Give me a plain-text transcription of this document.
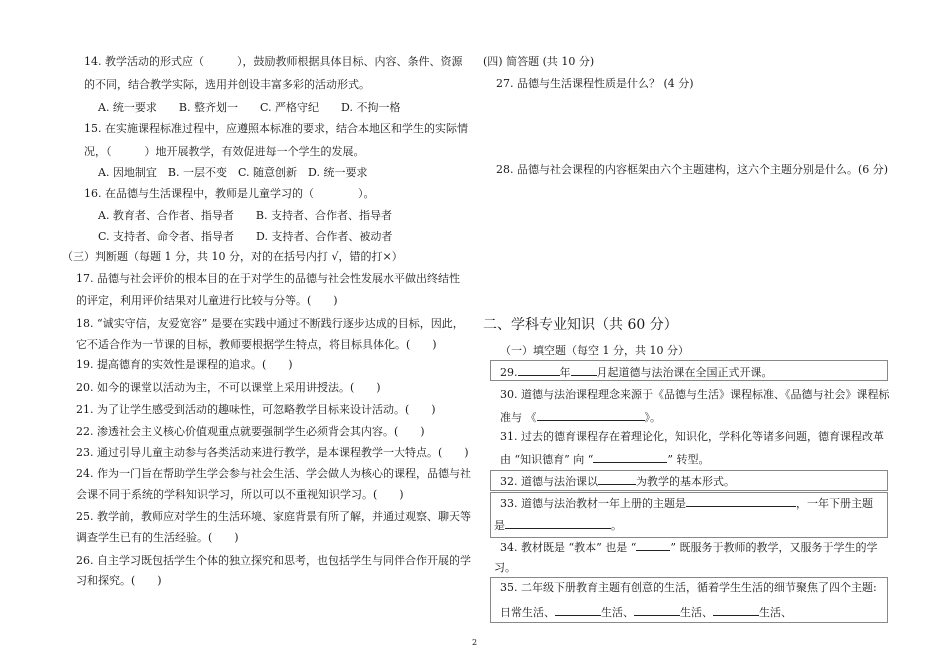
14. 教学活动的形式应（　　　），鼓励教师根据具体目标、内容、条件、资源
的不同，结合教学实际，选用并创设丰富多彩的活动形式。
A. 统一要求　　B. 整齐划一　　C. 严格守纪　　D. 不拘一格
15. 在实施课程标准过程中，应遵照本标准的要求，结合本地区和学生的实际情
况，（　　　）地开展教学，有效促进每一个学生的发展。
A. 因地制宜　B. 一层不变　C. 随意创新　D. 统一要求
16. 在品德与生活课程中，教师是儿童学习的（　　　　）。
A. 教育者、合作者、指导者　　B. 支持者、合作者、指导者
C. 支持者、命令者、指导者　　D. 支持者、合作者、被动者
（三）判断题（每题 1 分，共 10 分，对的在括号内打 √，错的打×）
17. 品德与社会评价的根本目的在于对学生的品德与社会性发展水平做出终结性
的评定，利用评价结果对儿童进行比较与分等。(　　)
18. “诚实守信，友爱宽容” 是要在实践中通过不断践行逐步达成的目标，因此，
它不适合作为一节课的目标，教师要根据学生特点，将目标具体化。(　　)
19. 提高德育的实效性是课程的追求。(　　)
20. 如今的课堂以活动为主，不可以课堂上采用讲授法。(　　)
21. 为了让学生感受到活动的趣味性，可忽略教学目标来设计活动。(　　)
22. 渗透社会主义核心价值观重点就要强制学生必须背会其内容。(　　)
23. 通过引导儿童主动参与各类活动来进行教学，是本课程教学一大特点。(　　)
24. 作为一门旨在帮助学生学会参与社会生活、学会做人为核心的课程，品德与社
会课不同于系统的学科知识学习，所以可以不重视知识学习。(　　)
25. 教学前，教师应对学生的生活环境、家庭背景有所了解，并通过观察、聊天等
调查学生已有的生活经验。(　　)
26. 自主学习既包括学生个体的独立探究和思考，也包括学生与同伴合作开展的学
习和探究。(　　)
(四) 简答题 (共 10 分)
27. 品德与生活课程性质是什么？ (4 分)
28. 品德与社会课程的内容框架由六个主题建构，这六个主题分别是什么。(6 分)
二、学科专业知识（共 60 分）
（一）填空题（每空 1 分，共 10 分）
29.	年 月起道德与法治课在全国正式开课。
30. 道德与法治课程理念来源于《品德与生活》课程标准、《品德与社会》课程标
准与 《	》。
31. 过去的德育课程存在着理论化，知识化，学科化等诸多问题，德育课程改革
由 “知识德育” 向 “	” 转型。
32. 道德与法治课以	为教学的基本形式。
33. 道德与法治教材一年上册的主题是	，一年下册主题
是	。
34. 教材既是 “教本” 也是 “	” 既服务于教师的教学，又服务于学生的学
习。
35. 二年级下册教育主题有创意的生活，循着学生生活的细节聚焦了四个主题:
日常生活、	生活、	生活、	生活、
2
